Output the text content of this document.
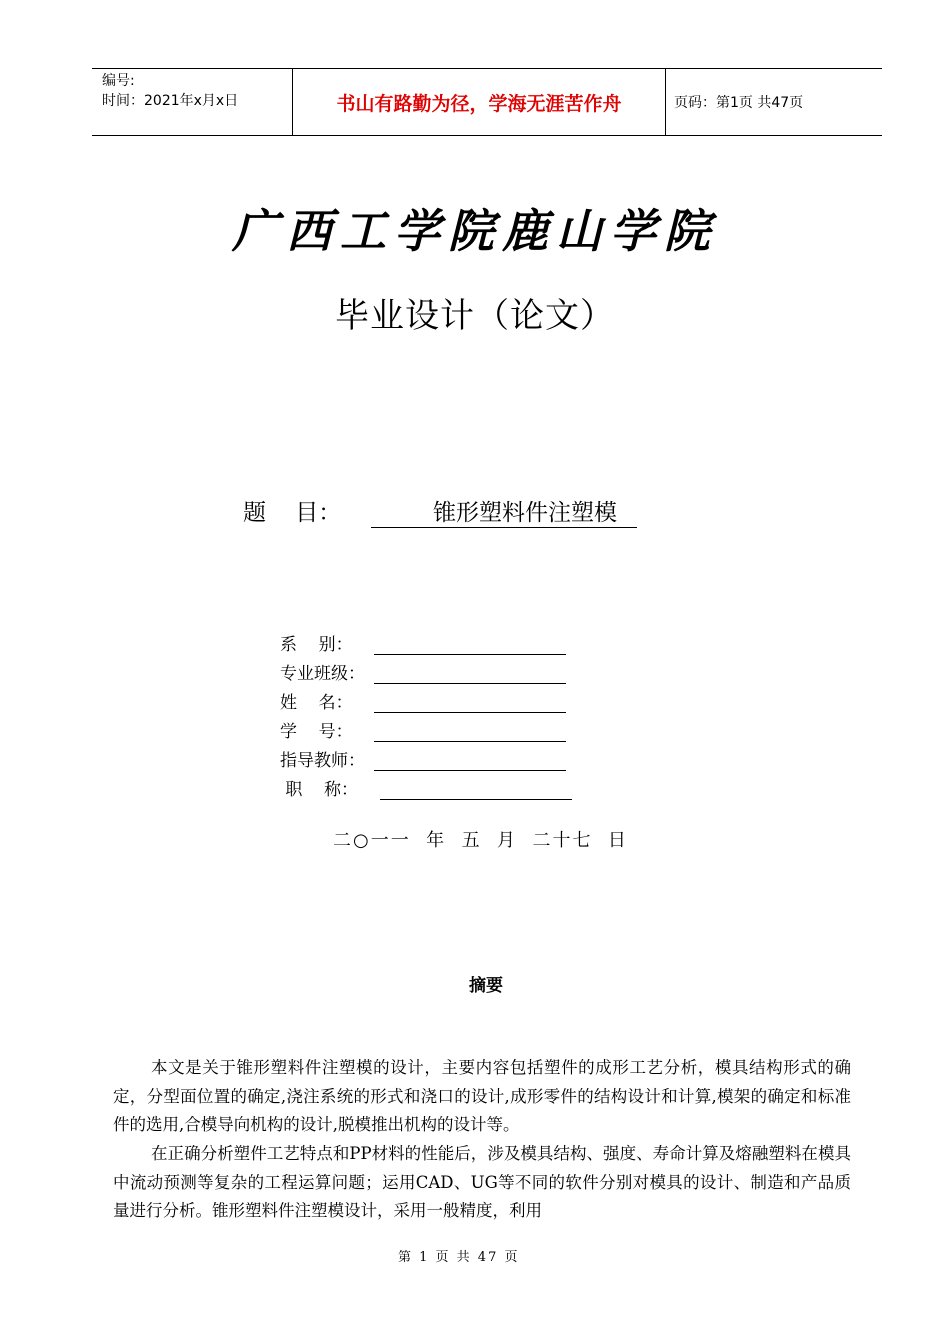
编号:
时间：2021年x月x日	书山有路勤为径，学海无涯苦作舟	页码：第1页 共47页
广西工学院鹿山学院
毕业设计（论文）
题    目：	锥形塑料件注塑模
系    别：
专业班级：
姓    名：
学    号：
指导教师：
职    称：
二○一一  年  五  月  二十七  日
摘要
本文是关于锥形塑料件注塑模的设计，主要内容包括塑件的成形工艺分析，模具结构形式的确定，分型面位置的确定,浇注系统的形式和浇口的设计,成形零件的结构设计和计算,模架的确定和标准件的选用,合模导向机构的设计,脱模推出机构的设计等。
在正确分析塑件工艺特点和PP材料的性能后，涉及模具结构、强度、寿命计算及熔融塑料在模具中流动预测等复杂的工程运算问题；运用CAD、UG等不同的软件分别对模具的设计、制造和产品质量进行分析。锥形塑料件注塑模设计，采用一般精度，利用
第 1 页 共 47 页
